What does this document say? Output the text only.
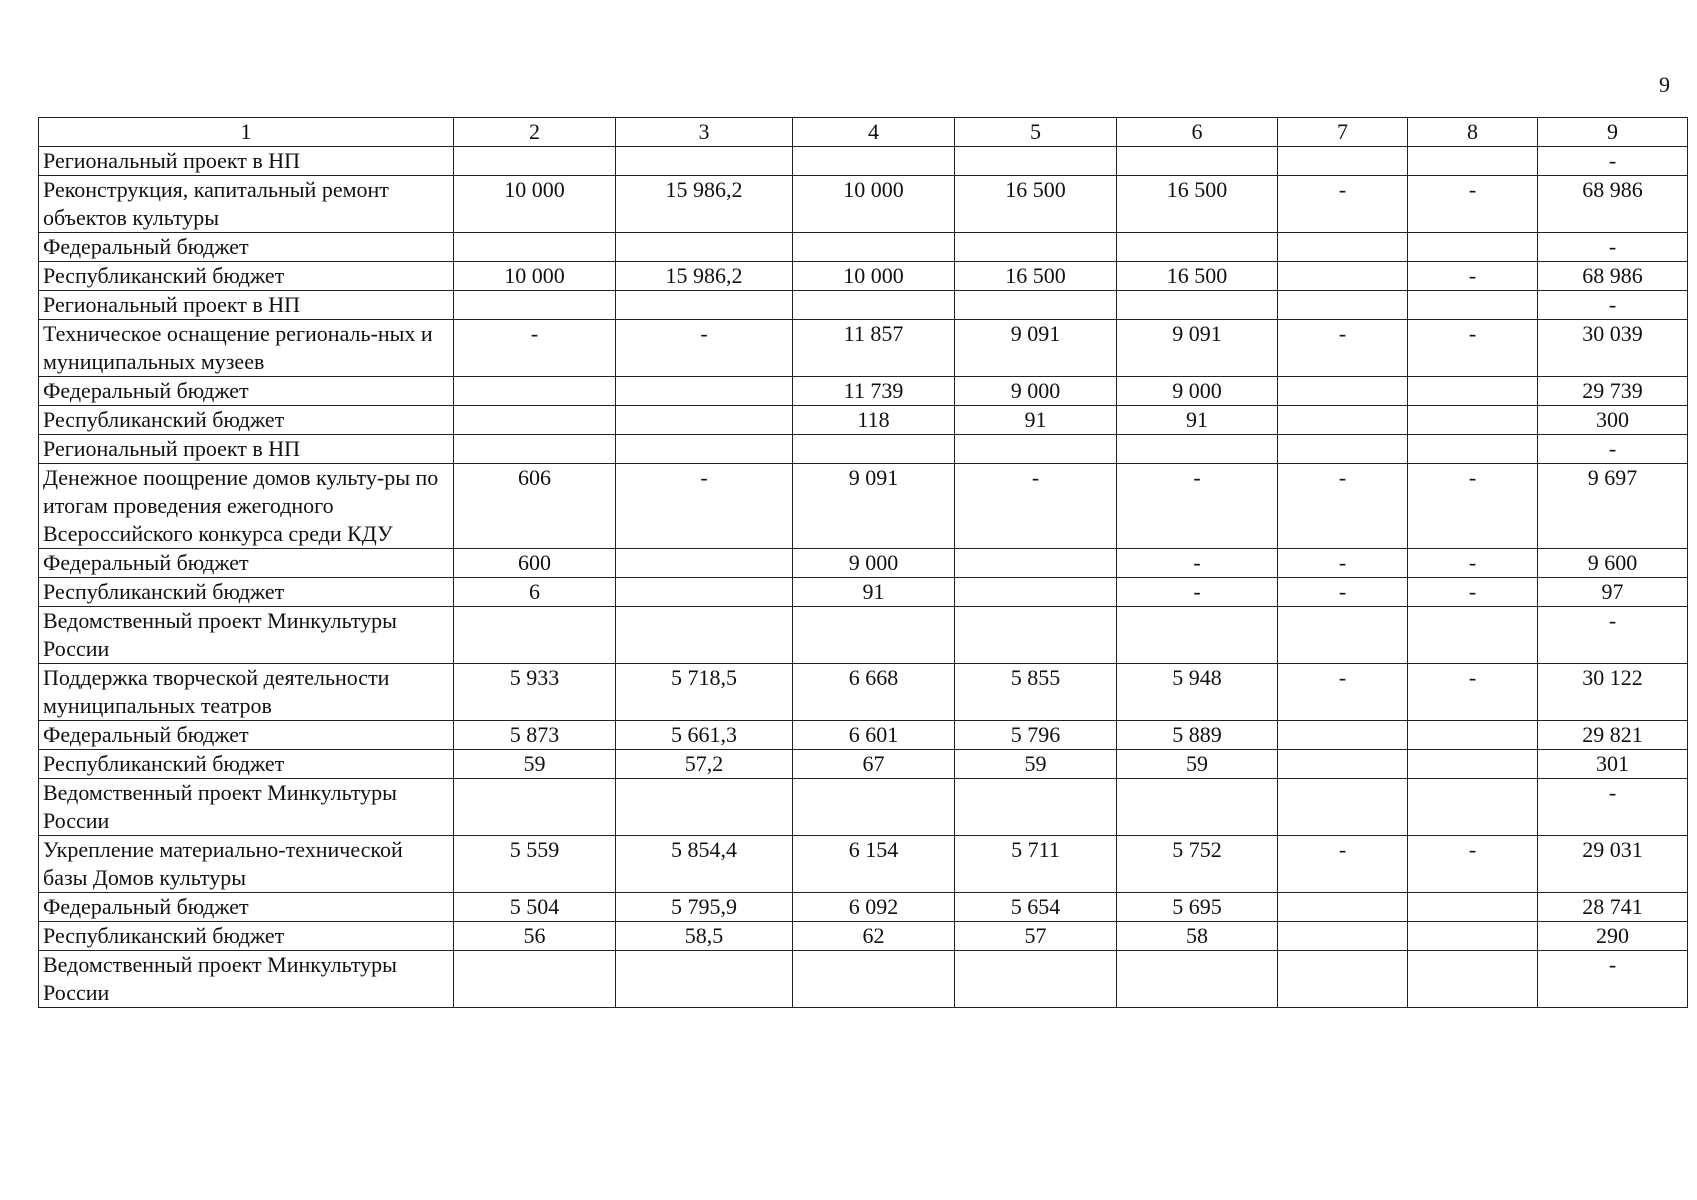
9
1	2	3	4	5	6	7	8	9
Региональный проект в НП								-
Реконструкция, капитальный ремонт объектов культуры	10 000	15 986,2	10 000	16 500	16 500	-	-	68 986
Федеральный бюджет								-
Республиканский бюджет	10 000	15 986,2	10 000	16 500	16 500		-	68 986
Региональный проект в НП								-
Техническое оснащение региональ-ных и муниципальных музеев	-	-	11 857	9 091	9 091	-	-	30 039
Федеральный бюджет			11 739	9 000	9 000			29 739
Республиканский бюджет			118	91	91			300
Региональный проект в НП								-
Денежное поощрение домов культу-ры по итогам проведения ежегодного Всероссийского конкурса среди КДУ	606	-	9 091	-	-	-	-	9 697
Федеральный бюджет	600		9 000		-	-	-	9 600
Республиканский бюджет	6		91		-	-	-	97
Ведомственный проект Минкультуры России								-
Поддержка творческой деятельности муниципальных театров	5 933	5 718,5	6 668	5 855	5 948	-	-	30 122
Федеральный бюджет	5 873	5 661,3	6 601	5 796	5 889			29 821
Республиканский бюджет	59	57,2	67	59	59			301
Ведомственный проект Минкультуры России								-
Укрепление материально-технической базы Домов культуры	5 559	5 854,4	6 154	5 711	5 752	-	-	29 031
Федеральный бюджет	5 504	5 795,9	6 092	5 654	5 695			28 741
Республиканский бюджет	56	58,5	62	57	58			290
Ведомственный проект Минкультуры России								-
